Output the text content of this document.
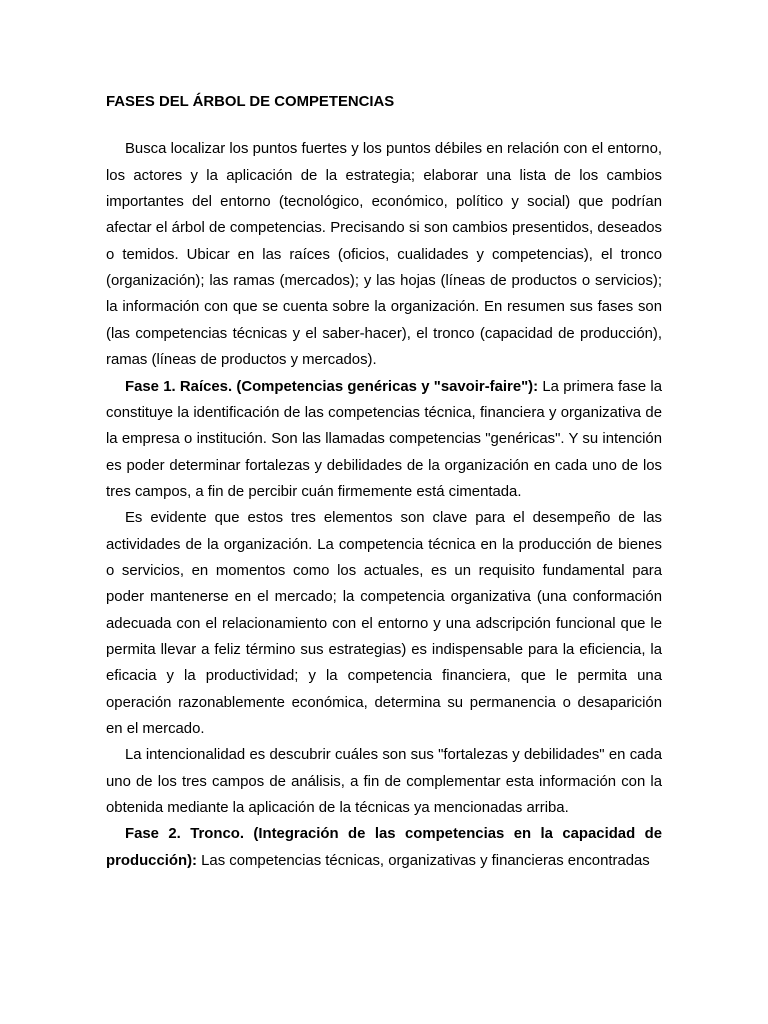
FASES DEL ÁRBOL DE COMPETENCIAS

Busca localizar los puntos fuertes y los puntos débiles en relación con el entorno, los actores y la aplicación de la estrategia; elaborar una lista de los cambios importantes del entorno (tecnológico, económico, político y social) que podrían afectar el árbol de competencias. Precisando si son cambios presentidos, deseados o temidos. Ubicar en las raíces (oficios, cualidades y competencias), el tronco (organización); las ramas (mercados); y las hojas (líneas de productos o servicios); la información con que se cuenta sobre la organización. En resumen sus fases son (las competencias técnicas y el saber-hacer), el tronco (capacidad de producción), ramas (líneas de productos y mercados).

Fase 1. Raíces. (Competencias genéricas y "savoir-faire"): La primera fase la constituye la identificación de las competencias técnica, financiera y organizativa de la empresa o institución. Son las llamadas competencias "genéricas". Y su intención es poder determinar fortalezas y debilidades de la organización en cada uno de los tres campos, a fin de percibir cuán firmemente está cimentada.

Es evidente que estos tres elementos son clave para el desempeño de las actividades de la organización. La competencia técnica en la producción de bienes o servicios, en momentos como los actuales, es un requisito fundamental para poder mantenerse en el mercado; la competencia organizativa (una conformación adecuada con el relacionamiento con el entorno y una adscripción funcional que le permita llevar a feliz término sus estrategias) es indispensable para la eficiencia, la eficacia y la productividad; y la competencia financiera, que le permita una operación razonablemente económica, determina su permanencia o desaparición en el mercado.

La intencionalidad es descubrir cuáles son sus "fortalezas y debilidades" en cada uno de los tres campos de análisis, a fin de complementar esta información con la obtenida mediante la aplicación de la técnicas ya mencionadas arriba.

Fase 2. Tronco. (Integración de las competencias en la capacidad de producción): Las competencias técnicas, organizativas y financieras encontradas
